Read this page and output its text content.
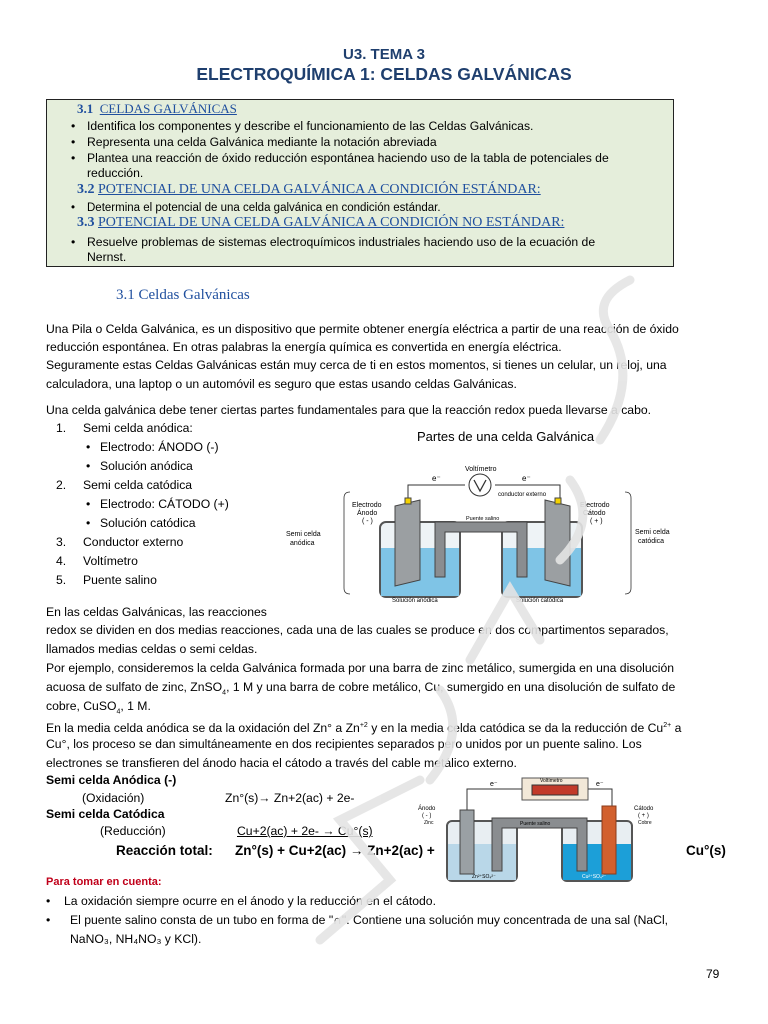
U3. TEMA 3
ELECTROQUÍMICA 1: CELDAS GALVÁNICAS
3.1 CELDAS GALVÁNICAS
• Identifica los componentes y describe el funcionamiento de las Celdas Galvánicas.
• Representa una celda Galvánica mediante la notación abreviada
• Plantea una reacción de óxido reducción espontánea haciendo uso de la tabla de potenciales de
reducción.
3.2 POTENCIAL DE UNA CELDA GALVÁNICA A CONDICIÓN ESTÁNDAR:
• Determina el potencial de una celda galvánica en condición estándar.
3.3 POTENCIAL DE UNA CELDA GALVÁNICA A CONDICIÓN NO ESTÁNDAR:
• Resuelve problemas de sistemas electroquímicos industriales haciendo uso de la ecuación de
Nernst.
3.1 Celdas Galvánicas
Una Pila o Celda Galvánica, es un dispositivo que permite obtener energía eléctrica a partir de una reacción de óxido
reducción espontánea. En otras palabras la energía química es convertida en energía eléctrica.
Seguramente estas Celdas Galvánicas están muy cerca de ti en estos momentos, si tienes un celular, un reloj, una
calculadora, una laptop o un automóvil es seguro que estas usando celdas Galvánicas.
Una celda galvánica debe tener ciertas partes fundamentales para que la reacción redox pueda llevarse a cabo.
1. Semi celda anódica:
• Electrodo: ÁNODO (-)
• Solución anódica
2. Semi celda catódica
• Electrodo: CÁTODO (+)
• Solución catódica
3. Conductor externo
4. Voltímetro
5. Puente salino
Partes de una celda Galvánica
Voltímetro
e⁻	e⁻
conductor externo
Puente salino
Electrodo
Ánodo
( - )
Electrodo
Cátodo
( + )
Semi celda
anódica
Semi celda
catódica
Solución anódica	Solución catódica
En las celdas Galvánicas, las reacciones
redox se dividen en dos medias reacciones, cada una de las cuales se produce en dos compartimentos separados,
llamados medias celdas o semi celdas.
Por ejemplo, consideremos la celda Galvánica formada por una barra de zinc metálico, sumergida en una disolución
acuosa de sulfato de zinc, ZnSO$_4$, 1 M y una barra de cobre metálico, Cu, sumergido en una disolución de sulfato de
cobre, CuSO$_4$, 1 M.
En la media celda anódica se da la oxidación del Zn° a $Zn^{+2}$ y en la media celda catódica se da la reducción de $Cu^{2+}$ a
Cu°, los proceso se dan simultáneamente en dos recipientes separados pero unidos por un puente salino. Los
electrones se transfieren del ánodo hacia el cátodo a través del cable metálico externo.
Semi celda Anódica (-)
(Oxidación)	Zn°(s)→ Zn+2(ac) + 2e-
Semi celda Catódica
(Reducción)	Cu+2(ac) + 2e- → Cu°(s)
Reacción total: Zn°(s) + Cu+2(ac) → Zn+2(ac) +	Cu°(s)
Voltímetro
e⁻	e⁻
Puente salino
Ánodo
( - )
Zinc
Cátodo
( + )
Cobre
Zn²⁺SO₄²⁻	Cu²⁺SO₄²⁻
Para tomar en cuenta:
• La oxidación siempre ocurre en el ánodo y la reducción en el cátodo.
• El puente salino consta de un tubo en forma de "∩". Contiene una solución muy concentrada de una sal (NaCl,
NaNO₃, NH₄NO₃ y KCl).
79
